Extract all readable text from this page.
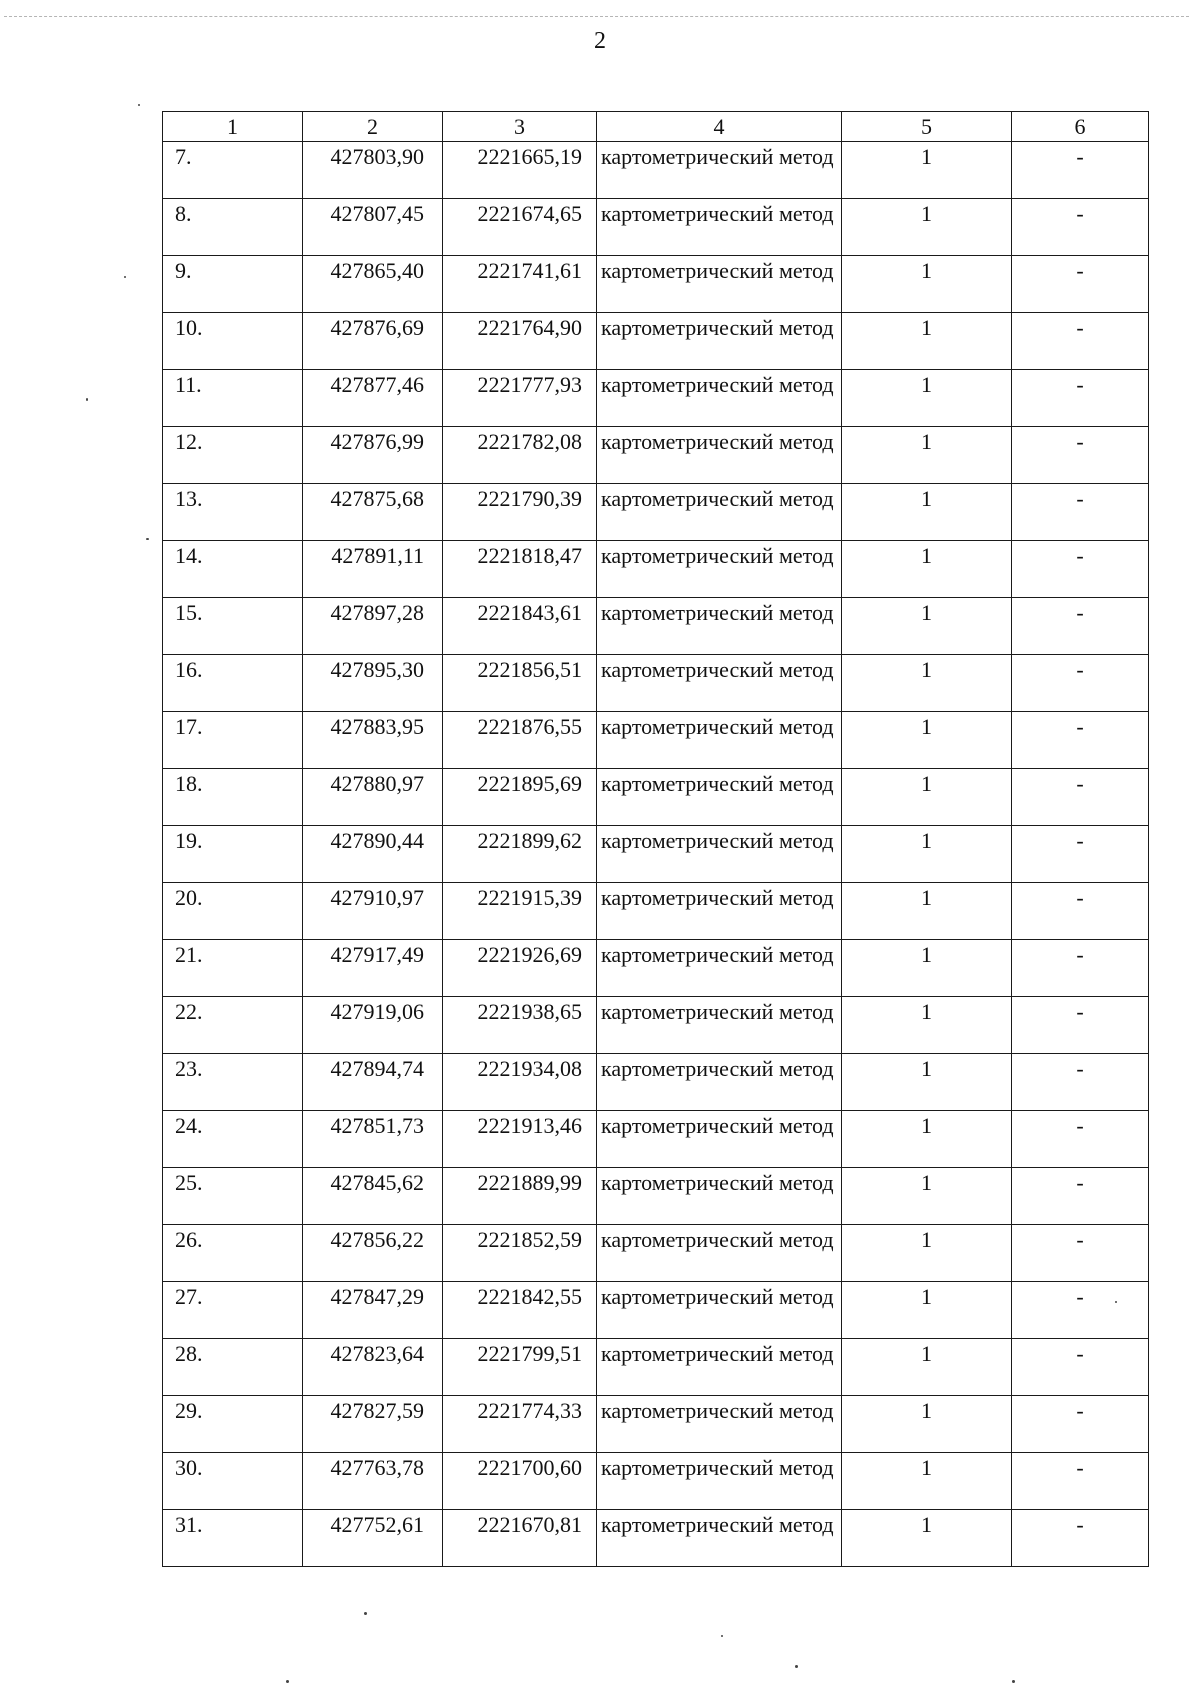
2
1	2	3	4	5	6
7.	427803,90	2221665,19	картометрический метод	1	-
8.	427807,45	2221674,65	картометрический метод	1	-
9.	427865,40	2221741,61	картометрический метод	1	-
10.	427876,69	2221764,90	картометрический метод	1	-
11.	427877,46	2221777,93	картометрический метод	1	-
12.	427876,99	2221782,08	картометрический метод	1	-
13.	427875,68	2221790,39	картометрический метод	1	-
14.	427891,11	2221818,47	картометрический метод	1	-
15.	427897,28	2221843,61	картометрический метод	1	-
16.	427895,30	2221856,51	картометрический метод	1	-
17.	427883,95	2221876,55	картометрический метод	1	-
18.	427880,97	2221895,69	картометрический метод	1	-
19.	427890,44	2221899,62	картометрический метод	1	-
20.	427910,97	2221915,39	картометрический метод	1	-
21.	427917,49	2221926,69	картометрический метод	1	-
22.	427919,06	2221938,65	картометрический метод	1	-
23.	427894,74	2221934,08	картометрический метод	1	-
24.	427851,73	2221913,46	картометрический метод	1	-
25.	427845,62	2221889,99	картометрический метод	1	-
26.	427856,22	2221852,59	картометрический метод	1	-
27.	427847,29	2221842,55	картометрический метод	1	-
28.	427823,64	2221799,51	картометрический метод	1	-
29.	427827,59	2221774,33	картометрический метод	1	-
30.	427763,78	2221700,60	картометрический метод	1	-
31.	427752,61	2221670,81	картометрический метод	1	-
